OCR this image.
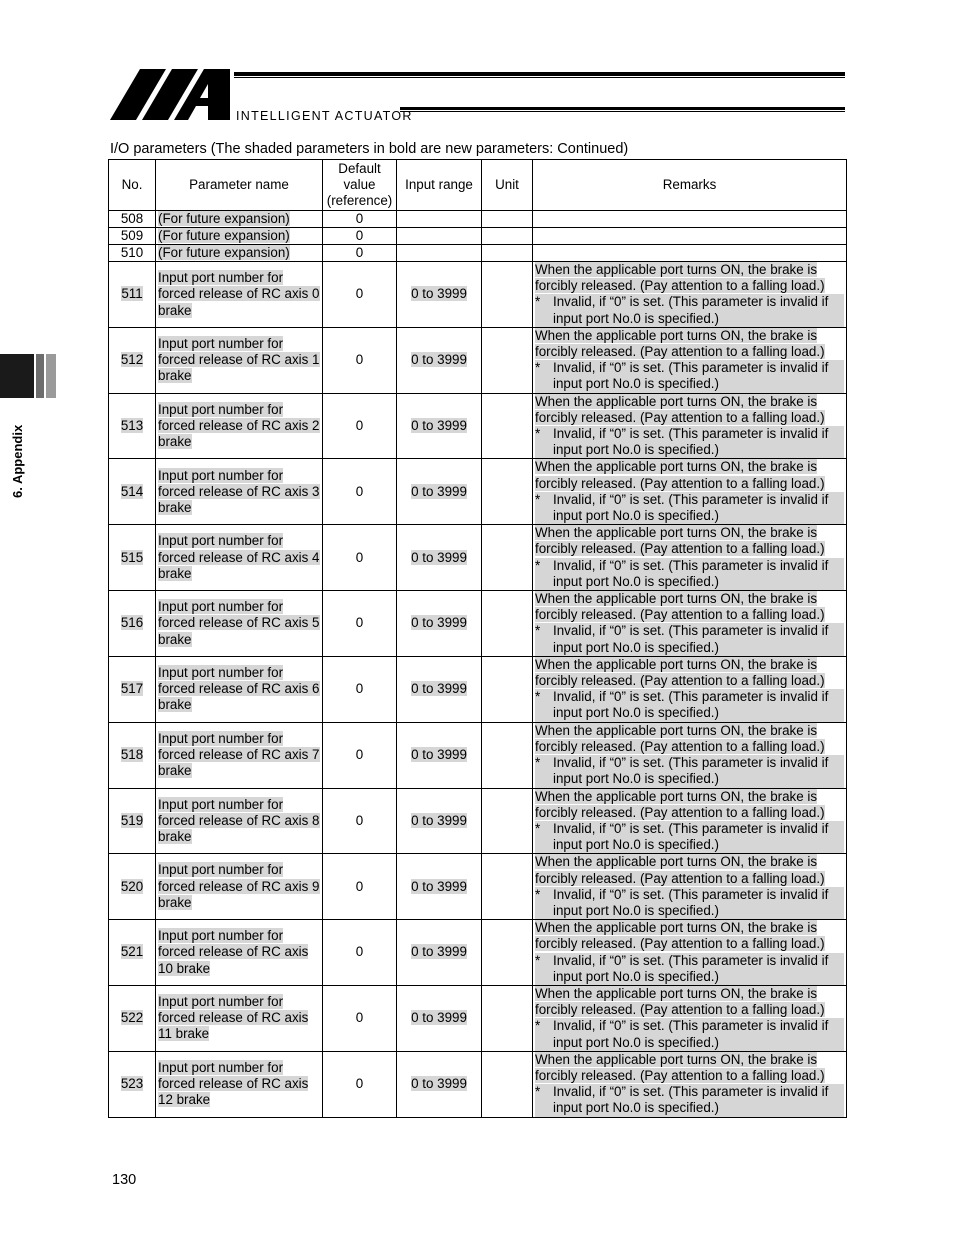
INTELLIGENT ACTUATOR
6. Appendix
I/O parameters (The shaded parameters in bold are new parameters: Continued)
No.	Parameter name	Default
value
(reference)	Input range	Unit	Remarks
508	(For future expansion)	0			
509	(For future expansion)	0			
510	(For future expansion)	0			
511	Input port number for forced release of RC axis 0 brake	0	0 to 3999		When the applicable port turns ON, the brake is forcibly released. (Pay attention to a falling load.)
* Invalid, if “0” is set. (This parameter is invalid if input port No.0 is specified.)

512	Input port number for forced release of RC axis 1 brake	0	0 to 3999		When the applicable port turns ON, the brake is forcibly released. (Pay attention to a falling load.)
* Invalid, if “0” is set. (This parameter is invalid if input port No.0 is specified.)

513	Input port number for forced release of RC axis 2 brake	0	0 to 3999		When the applicable port turns ON, the brake is forcibly released. (Pay attention to a falling load.)
* Invalid, if “0” is set. (This parameter is invalid if input port No.0 is specified.)

514	Input port number for forced release of RC axis 3 brake	0	0 to 3999		When the applicable port turns ON, the brake is forcibly released. (Pay attention to a falling load.)
* Invalid, if “0” is set. (This parameter is invalid if input port No.0 is specified.)

515	Input port number for forced release of RC axis 4 brake	0	0 to 3999		When the applicable port turns ON, the brake is forcibly released. (Pay attention to a falling load.)
* Invalid, if “0” is set. (This parameter is invalid if input port No.0 is specified.)

516	Input port number for forced release of RC axis 5 brake	0	0 to 3999		When the applicable port turns ON, the brake is forcibly released. (Pay attention to a falling load.)
* Invalid, if “0” is set. (This parameter is invalid if input port No.0 is specified.)

517	Input port number for forced release of RC axis 6 brake	0	0 to 3999		When the applicable port turns ON, the brake is forcibly released. (Pay attention to a falling load.)
* Invalid, if “0” is set. (This parameter is invalid if input port No.0 is specified.)

518	Input port number for forced release of RC axis 7 brake	0	0 to 3999		When the applicable port turns ON, the brake is forcibly released. (Pay attention to a falling load.)
* Invalid, if “0” is set. (This parameter is invalid if input port No.0 is specified.)

519	Input port number for forced release of RC axis 8 brake	0	0 to 3999		When the applicable port turns ON, the brake is forcibly released. (Pay attention to a falling load.)
* Invalid, if “0” is set. (This parameter is invalid if input port No.0 is specified.)

520	Input port number for forced release of RC axis 9 brake	0	0 to 3999		When the applicable port turns ON, the brake is forcibly released. (Pay attention to a falling load.)
* Invalid, if “0” is set. (This parameter is invalid if input port No.0 is specified.)

521	Input port number for forced release of RC axis 10 brake	0	0 to 3999		When the applicable port turns ON, the brake is forcibly released. (Pay attention to a falling load.)
* Invalid, if “0” is set. (This parameter is invalid if input port No.0 is specified.)

522	Input port number for forced release of RC axis 11 brake	0	0 to 3999		When the applicable port turns ON, the brake is forcibly released. (Pay attention to a falling load.)
* Invalid, if “0” is set. (This parameter is invalid if input port No.0 is specified.)

523	Input port number for forced release of RC axis 12 brake	0	0 to 3999		When the applicable port turns ON, the brake is forcibly released. (Pay attention to a falling load.)
* Invalid, if “0” is set. (This parameter is invalid if input port No.0 is specified.)
130
